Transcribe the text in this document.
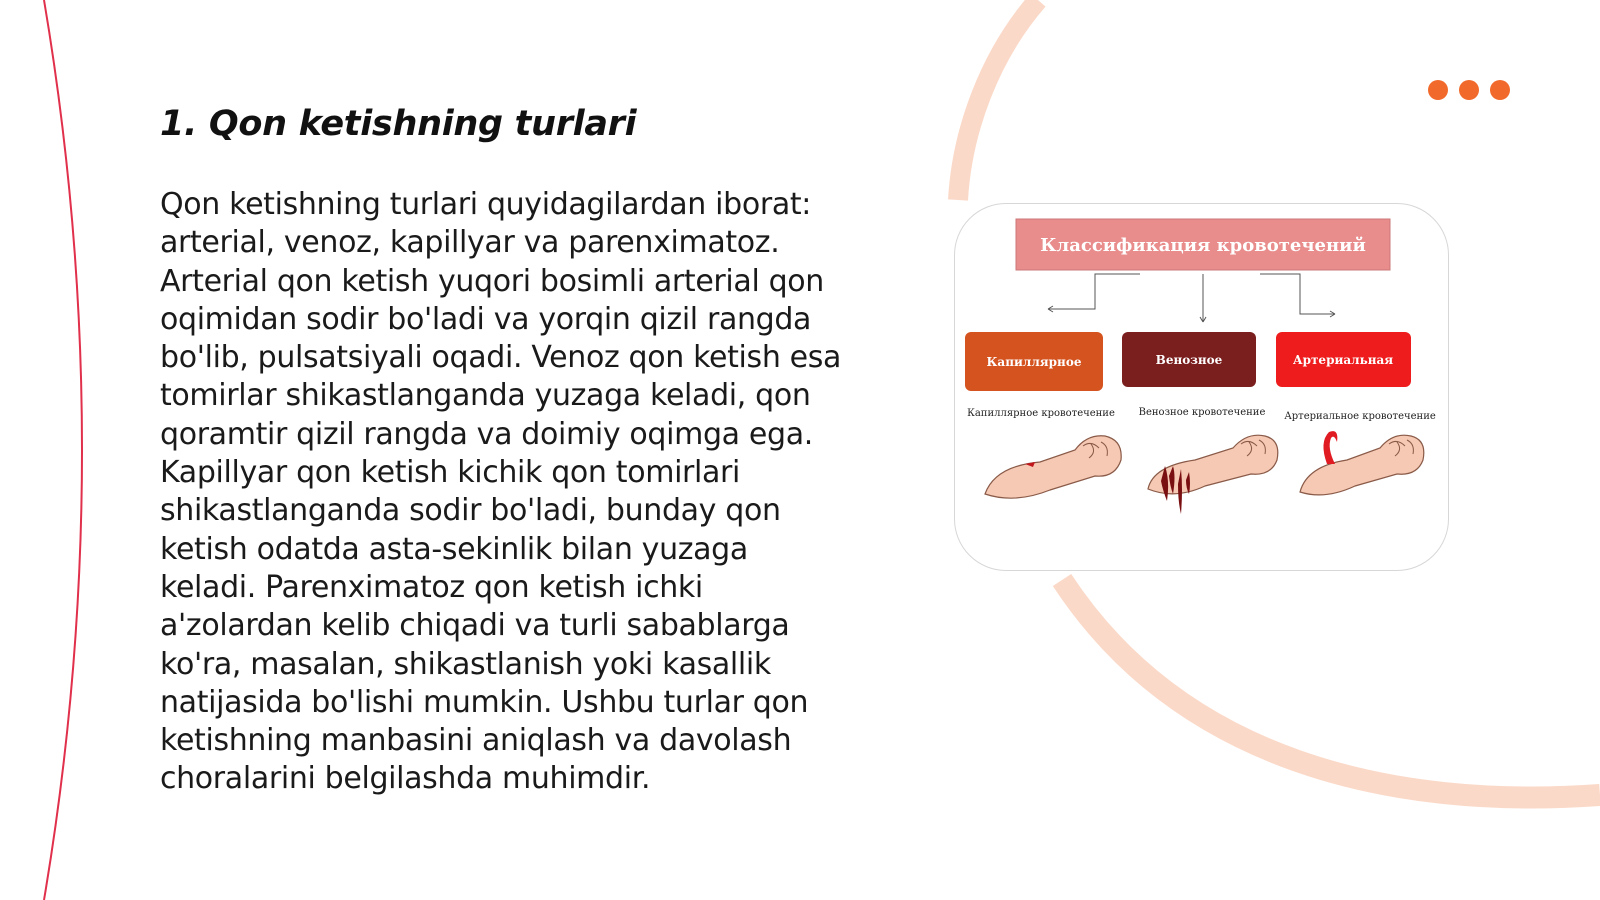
1. Qon ketishning turlari

Qon ketishning turlari quyidagilardan iborat: arterial, venoz, kapillyar va parenximatoz. Arterial qon ketish yuqori bosimli arterial qon oqimidan sodir bo'ladi va yorqin qizil rangda bo'lib, pulsatsiyali oqadi. Venoz qon ketish esa tomirlar shikastlanganda yuzaga keladi, qon qoramtir qizil rangda va doimiy oqimga ega. Kapillyar qon ketish kichik qon tomirlari shikastlanganda sodir bo'ladi, bunday qon ketish odatda asta-sekinlik bilan yuzaga keladi. Parenximatoz qon ketish ichki a'zolardan kelib chiqadi va turli sabablarga ko'ra, masalan, shikastlanish yoki kasallik natijasida bo'lishi mumkin. Ushbu turlar qon ketishning manbasini aniqlash va davolash choralarini belgilashda muhimdir.

Классификация кровотечений
Капиллярное	Венозное	Артериальная
Капиллярное кровотечение Венозное кровотечение Артериальное кровотечение
